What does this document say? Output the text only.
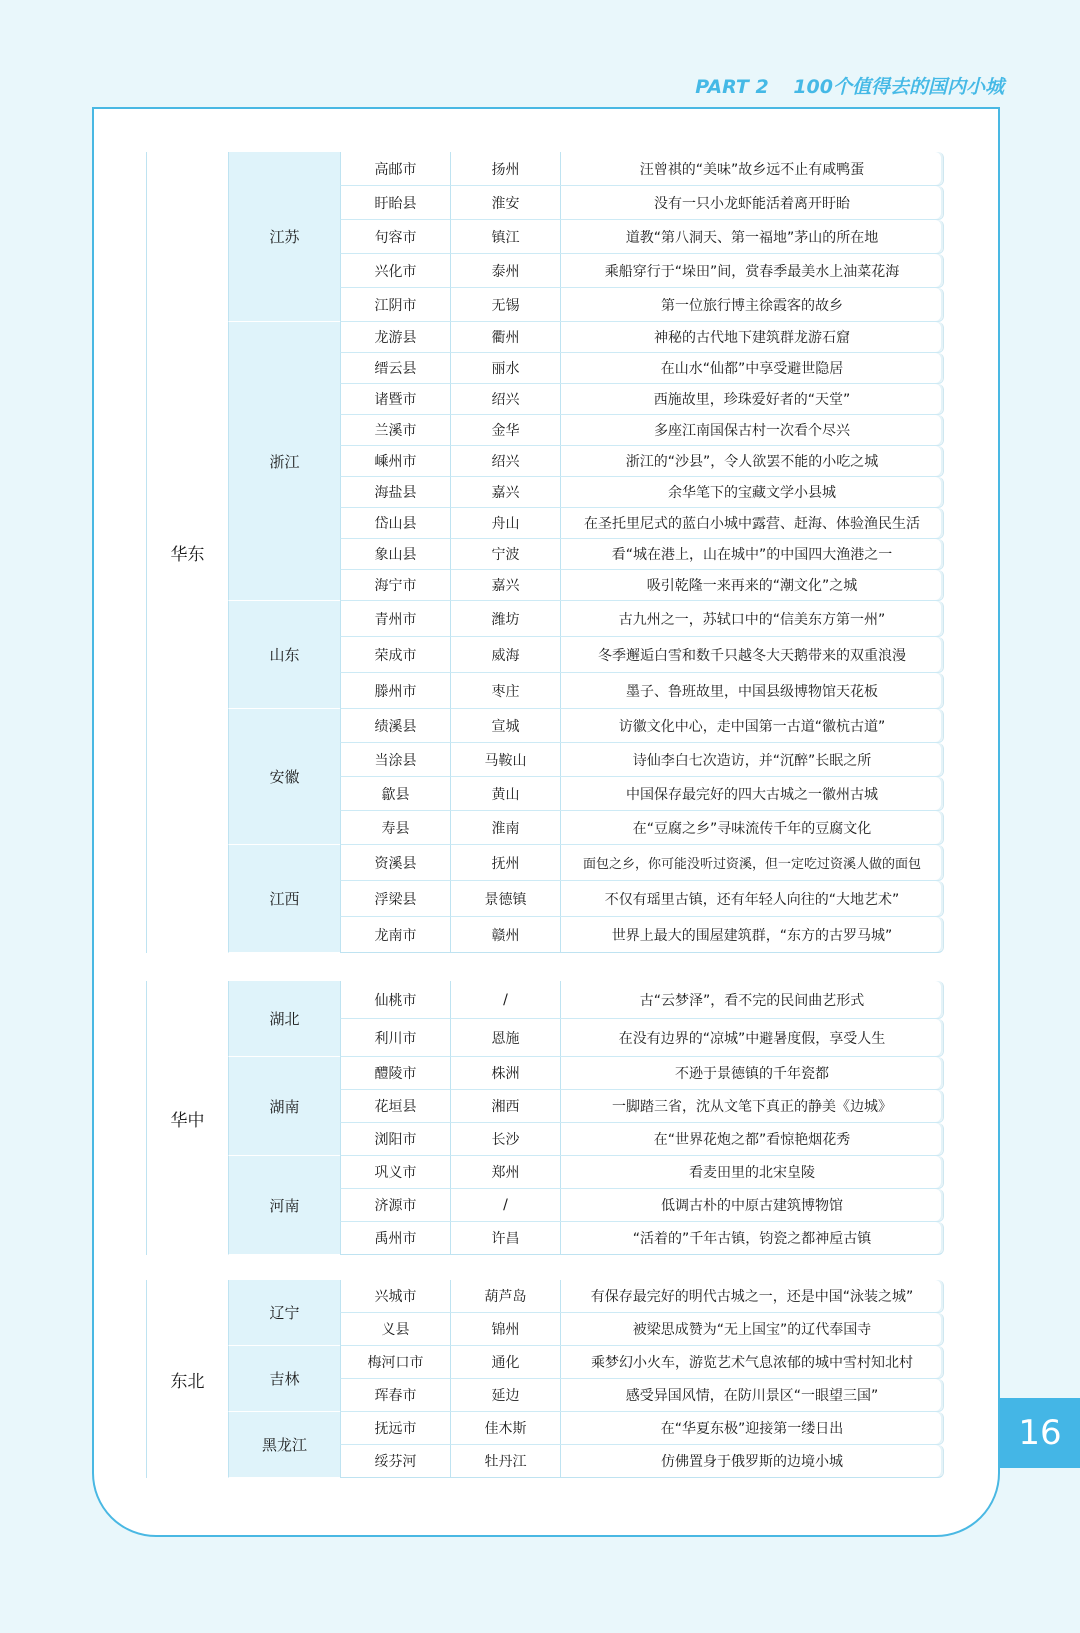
PART 2 100个值得去的国内小城
华东	江苏	高邮市	扬州	汪曾祺的“美味”故乡远不止有咸鸭蛋
		盱眙县	淮安	没有一只小龙虾能活着离开盱眙
		句容市	镇江	道教“第八洞天、第一福地”茅山的所在地
		兴化市	泰州	乘船穿行于“垛田”间，赏春季最美水上油菜花海
		江阴市	无锡	第一位旅行博主徐霞客的故乡
	浙江	龙游县	衢州	神秘的古代地下建筑群龙游石窟
		缙云县	丽水	在山水“仙都”中享受避世隐居
		诸暨市	绍兴	西施故里，珍珠爱好者的“天堂”
		兰溪市	金华	多座江南国保古村一次看个尽兴
		嵊州市	绍兴	浙江的“沙县”，令人欲罢不能的小吃之城
		海盐县	嘉兴	余华笔下的宝藏文学小县城
		岱山县	舟山	在圣托里尼式的蓝白小城中露营、赶海、体验渔民生活
		象山县	宁波	看“城在港上，山在城中”的中国四大渔港之一
		海宁市	嘉兴	吸引乾隆一来再来的“潮文化”之城
	山东	青州市	潍坊	古九州之一，苏轼口中的“信美东方第一州”
		荣成市	威海	冬季邂逅白雪和数千只越冬大天鹅带来的双重浪漫
		滕州市	枣庄	墨子、鲁班故里，中国县级博物馆天花板
	安徽	绩溪县	宣城	访徽文化中心，走中国第一古道“徽杭古道”
		当涂县	马鞍山	诗仙李白七次造访，并“沉醉”长眠之所
		歙县	黄山	中国保存最完好的四大古城之一徽州古城
		寿县	淮南	在“豆腐之乡”寻味流传千年的豆腐文化
	江西	资溪县	抚州	面包之乡，你可能没听过资溪，但一定吃过资溪人做的面包
		浮梁县	景德镇	不仅有瑶里古镇，还有年轻人向往的“大地艺术”
		龙南市	赣州	世界上最大的围屋建筑群，“东方的古罗马城”
华中	湖北	仙桃市	/	古“云梦泽”，看不完的民间曲艺形式
		利川市	恩施	在没有边界的“凉城”中避暑度假，享受人生
	湖南	醴陵市	株洲	不逊于景德镇的千年瓷都
		花垣县	湘西	一脚踏三省，沈从文笔下真正的静美《边城》
		浏阳市	长沙	在“世界花炮之都”看惊艳烟花秀
	河南	巩义市	郑州	看麦田里的北宋皇陵
		济源市	/	低调古朴的中原古建筑博物馆
		禹州市	许昌	“活着的”千年古镇，钧瓷之都神垕古镇
东北	辽宁	兴城市	葫芦岛	有保存最完好的明代古城之一，还是中国“泳装之城”
		义县	锦州	被梁思成赞为“无上国宝”的辽代奉国寺
	吉林	梅河口市	通化	乘梦幻小火车，游览艺术气息浓郁的城中雪村知北村
		珲春市	延边	感受异国风情，在防川景区“一眼望三国”
	黑龙江	抚远市	佳木斯	在“华夏东极”迎接第一缕日出
		绥芬河	牡丹江	仿佛置身于俄罗斯的边境小城
16
